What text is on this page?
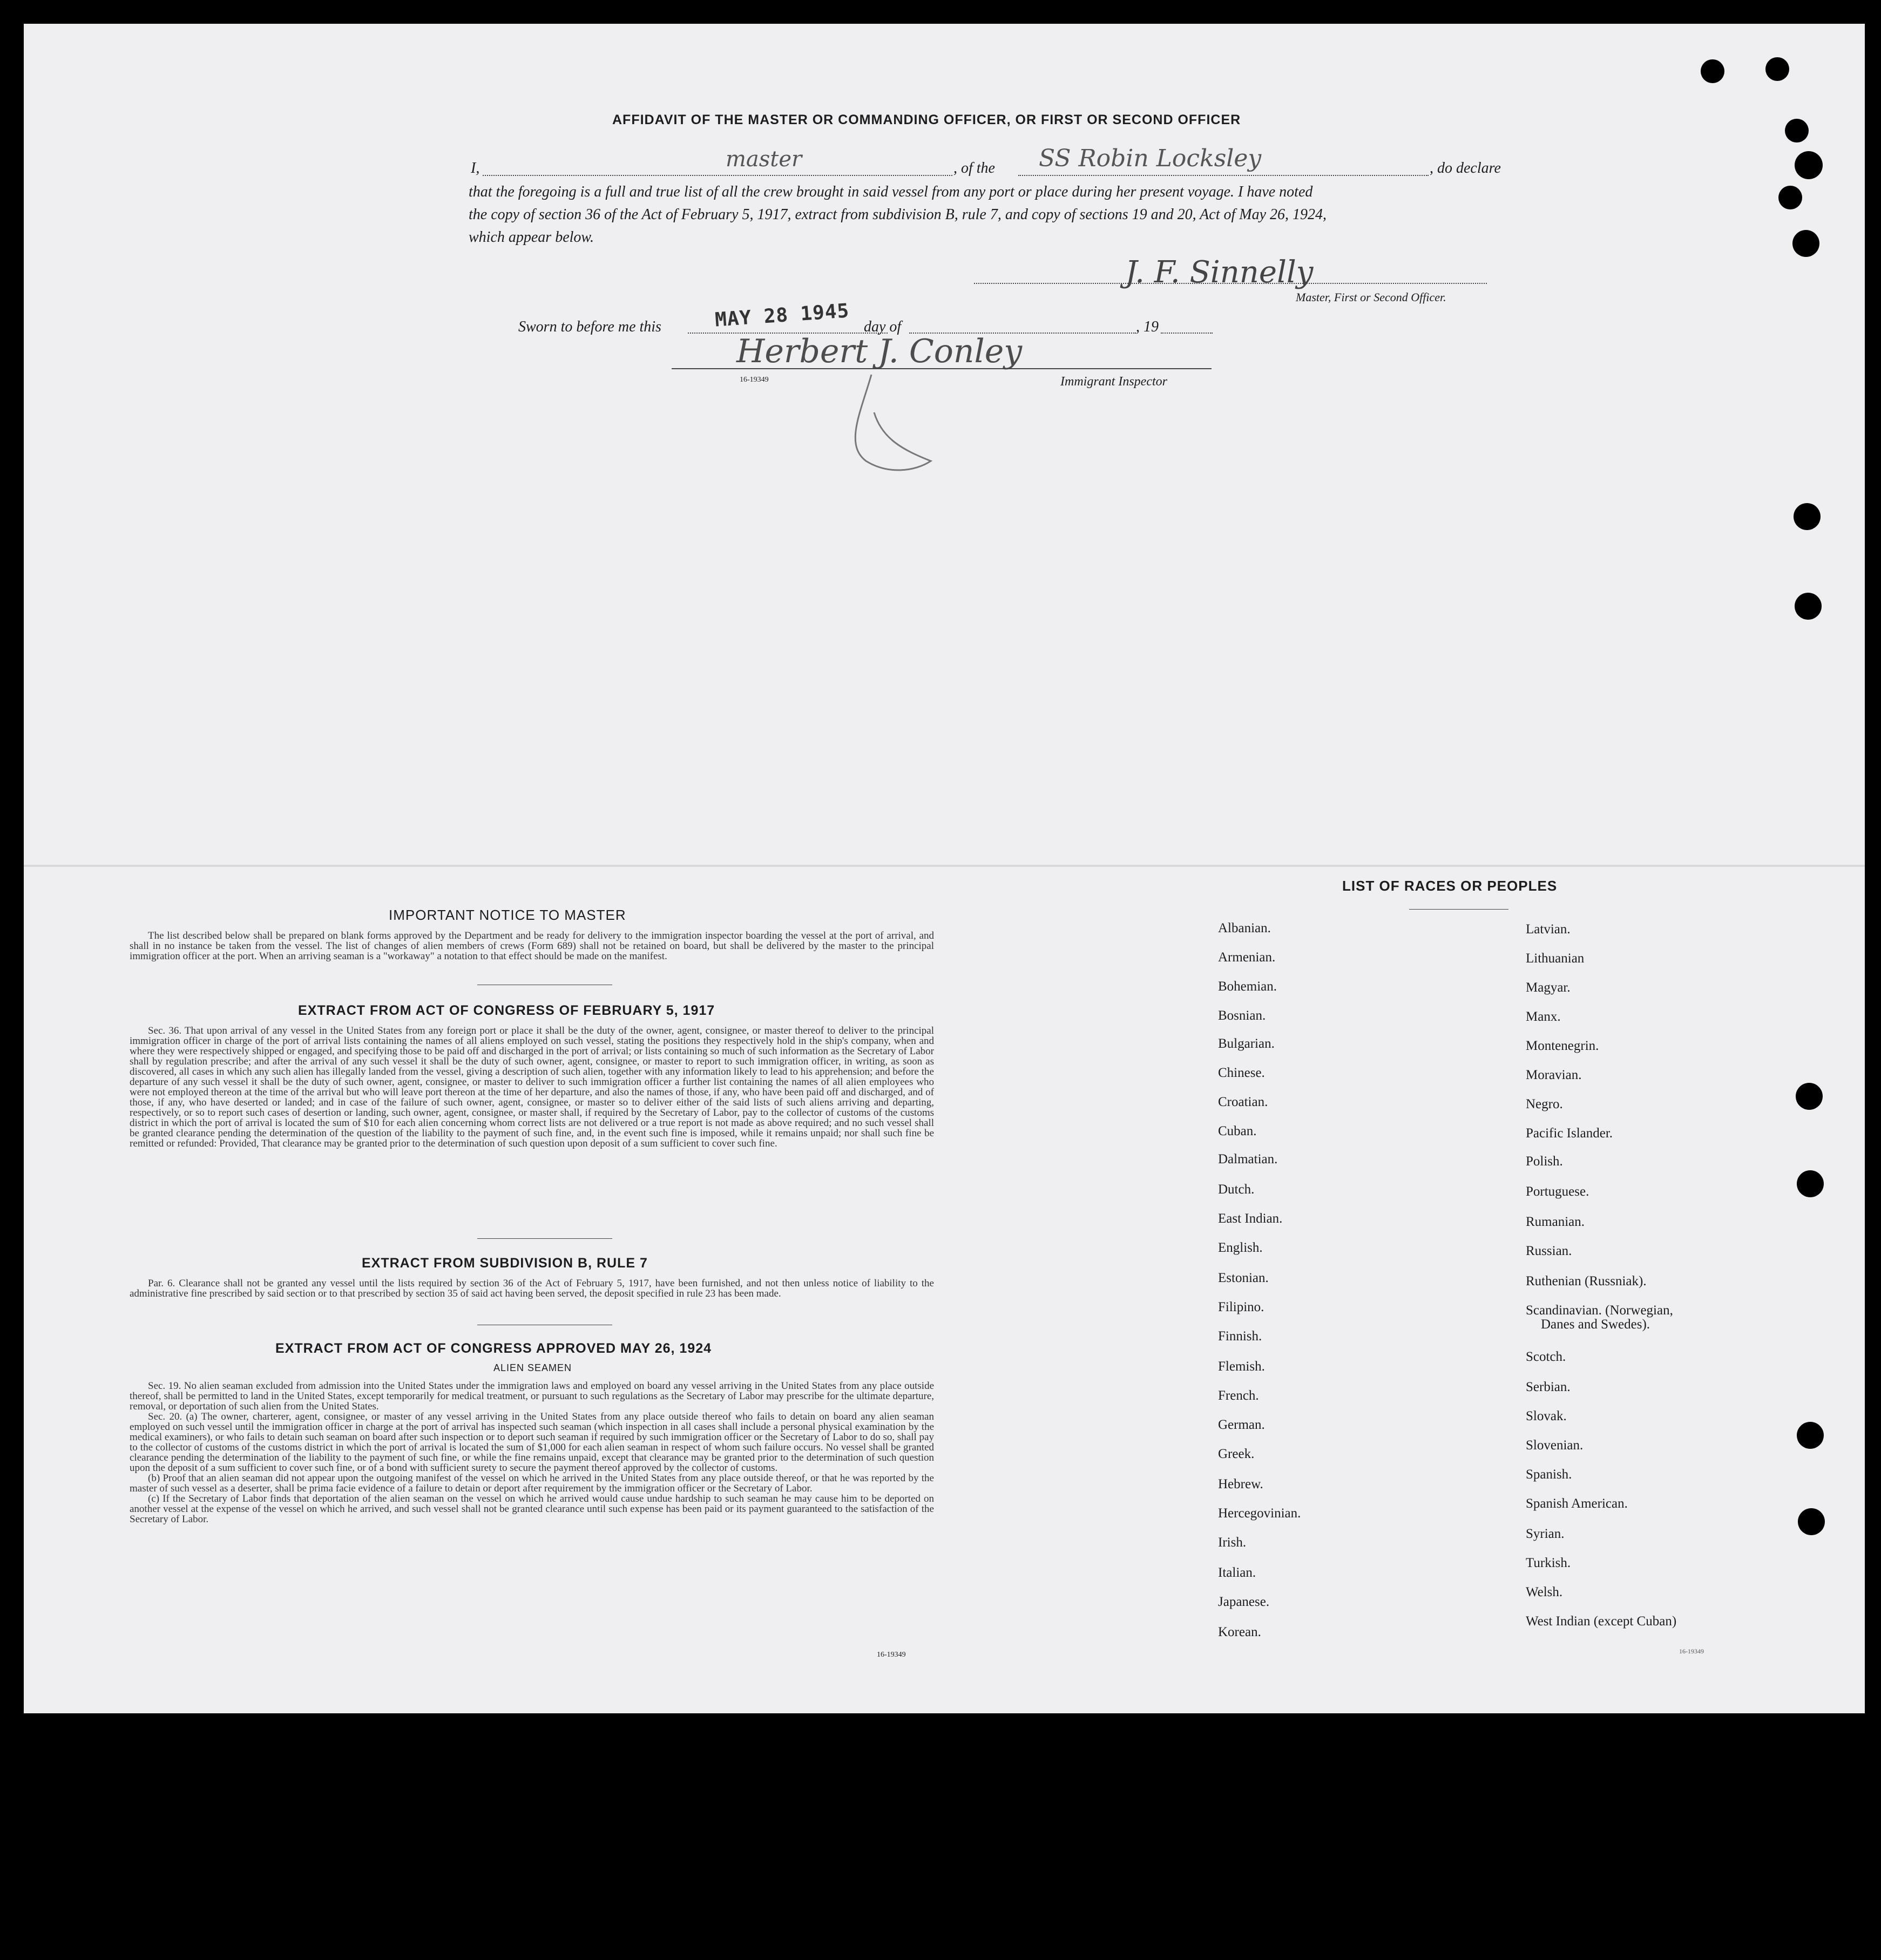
AFFIDAVIT OF THE MASTER OR COMMANDING OFFICER, OR FIRST OR SECOND OFFICER
I,	master	, of the SS Robin Locksley	, do declare
that the foregoing is a full and true list of all the crew brought in said vessel from any port or place during her present voyage. I have noted
the copy of section 36 of the Act of February 5, 1917, extract from subdivision B, rule 7, and copy of sections 19 and 20, Act of May 26, 1924,
which appear below.
J. F. Sinnelly
Master, First or Second Officer.
Sworn to before me this	MAY 28 1945 day of	, 19
Herbert J. Conley
16-19349	Immigrant Inspector
IMPORTANT NOTICE TO MASTER

The list described below shall be prepared on blank forms approved by the Department and be ready for delivery to the immigration inspector boarding the vessel at the port of arrival, and shall in no instance be taken from the vessel. The list of changes of alien members of crews (Form 689) shall not be retained on board, but shall be delivered by the master to the principal immigration officer at the port. When an arriving seaman is a "workaway" a notation to that effect should be made on the manifest.

EXTRACT FROM ACT OF CONGRESS OF FEBRUARY 5, 1917

Sec. 36. That upon arrival of any vessel in the United States from any foreign port or place it shall be the duty of the owner, agent, consignee, or master thereof to deliver to the principal immigration officer in charge of the port of arrival lists containing the names of all aliens employed on such vessel, stating the positions they respectively hold in the ship's company, when and where they were respectively shipped or engaged, and specifying those to be paid off and discharged in the port of arrival; or lists containing so much of such information as the Secretary of Labor shall by regulation prescribe; and after the arrival of any such vessel it shall be the duty of such owner, agent, consignee, or master to report to such immigration officer, in writing, as soon as discovered, all cases in which any such alien has illegally landed from the vessel, giving a description of such alien, together with any information likely to lead to his apprehension; and before the departure of any such vessel it shall be the duty of such owner, agent, consignee, or master to deliver to such immigration officer a further list containing the names of all alien employees who were not employed thereon at the time of the arrival but who will leave port thereon at the time of her departure, and also the names of those, if any, who have been paid off and discharged, and of those, if any, who have deserted or landed; and in case of the failure of such owner, agent, consignee, or master so to deliver either of the said lists of such aliens arriving and departing, respectively, or so to report such cases of desertion or landing, such owner, agent, consignee, or master shall, if required by the Secretary of Labor, pay to the collector of customs of the customs district in which the port of arrival is located the sum of $10 for each alien concerning whom correct lists are not delivered or a true report is not made as above required; and no such vessel shall be granted clearance pending the determination of the question of the liability to the payment of such fine, and, in the event such fine is imposed, while it remains unpaid; nor shall such fine be remitted or refunded: Provided, That clearance may be granted prior to the determination of such question upon deposit of a sum sufficient to cover such fine.

EXTRACT FROM SUBDIVISION B, RULE 7

Par. 6. Clearance shall not be granted any vessel until the lists required by section 36 of the Act of February 5, 1917, have been furnished, and not then unless notice of liability to the administrative fine prescribed by said section or to that prescribed by section 35 of said act having been served, the deposit specified in rule 23 has been made.

EXTRACT FROM ACT OF CONGRESS APPROVED MAY 26, 1924
ALIEN SEAMEN

Sec. 19. No alien seaman excluded from admission into the United States under the immigration laws and employed on board any vessel arriving in the United States from any place outside thereof, shall be permitted to land in the United States, except temporarily for medical treatment, or pursuant to such regulations as the Secretary of Labor may prescribe for the ultimate departure, removal, or deportation of such alien from the United States.

Sec. 20. (a) The owner, charterer, agent, consignee, or master of any vessel arriving in the United States from any place outside thereof who fails to detain on board any alien seaman employed on such vessel until the immigration officer in charge at the port of arrival has inspected such seaman (which inspection in all cases shall include a personal physical examination by the medical examiners), or who fails to detain such seaman on board after such inspection or to deport such seaman if required by such immigration officer or the Secretary of Labor to do so, shall pay to the collector of customs of the customs district in which the port of arrival is located the sum of $1,000 for each alien seaman in respect of whom such failure occurs. No vessel shall be granted clearance pending the determination of the liability to the payment of such fine, or while the fine remains unpaid, except that clearance may be granted prior to the determination of such question upon the deposit of a sum sufficient to cover such fine, or of a bond with sufficient surety to secure the payment thereof approved by the collector of customs.

(b) Proof that an alien seaman did not appear upon the outgoing manifest of the vessel on which he arrived in the United States from any place outside thereof, or that he was reported by the master of such vessel as a deserter, shall be prima facie evidence of a failure to detain or deport after requirement by the immigration officer or the Secretary of Labor.

(c) If the Secretary of Labor finds that deportation of the alien seaman on the vessel on which he arrived would cause undue hardship to such seaman he may cause him to be deported on another vessel at the expense of the vessel on which he arrived, and such vessel shall not be granted clearance until such expense has been paid or its payment guaranteed to the satisfaction of the Secretary of Labor.

16-19349
LIST OF RACES OR PEOPLES
Albanian.
Armenian.
Bohemian.
Bosnian.
Bulgarian.
Chinese.
Croatian.
Cuban.
Dalmatian.
Dutch.
East Indian.
English.
Estonian.
Filipino.
Finnish.
Flemish.
French.
German.
Greek.
Hebrew.
Hercegovinian.
Irish.
Italian.
Japanese.
Korean.
Latvian.
Lithuanian
Magyar.
Manx.
Montenegrin.
Moravian.
Negro.
Pacific Islander.
Polish.
Portuguese.
Rumanian.
Russian.
Ruthenian (Russniak).
Scandinavian. (Norwegian,
Danes and Swedes).
Scotch.
Serbian.
Slovak.
Slovenian.
Spanish.
Spanish American.
Syrian.
Turkish.
Welsh.
West Indian (except Cuban)
16-19349
